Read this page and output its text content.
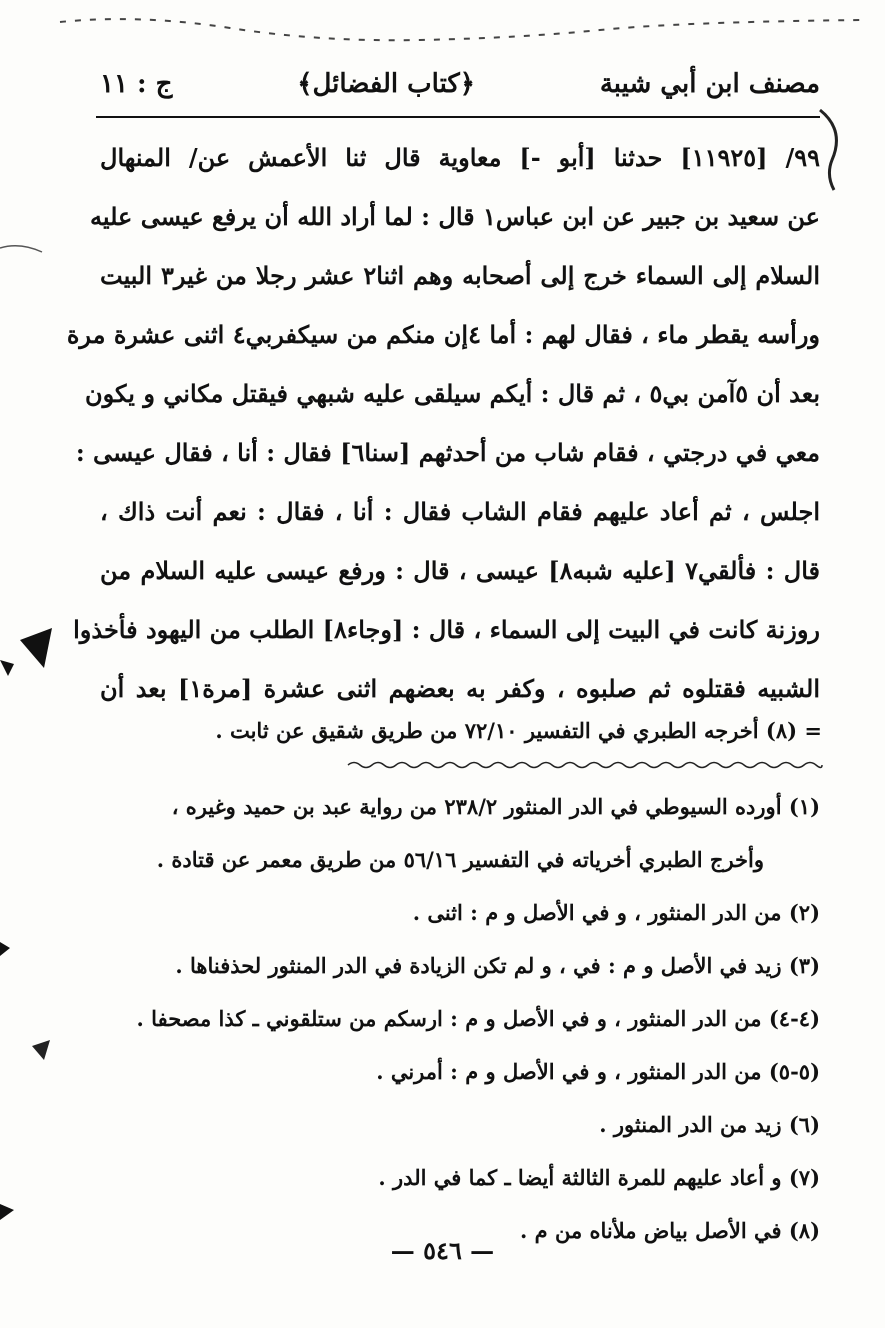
مصنف ابن أبي شيبة
﴿كتاب الفضائل﴾
ج : ١١
٩٩/ [١١٩٢٥] حدثنا [أبو -] معاوية قال ثنا الأعمش عن/ المنهال
عن سعيد بن جبير عن ابن عباس١ قال : لما أراد الله أن يرفع عيسى عليه
السلام إلى السماء خرج إلى أصحابه وهم اثنا٢ عشر رجلا من غير٣ البيت
ورأسه يقطر ماء ، فقال لهم : أما ٤إن منكم من سيكفربي٤ اثنى عشرة مرة
بعد أن ٥آمن بي٥ ، ثم قال : أيكم سيلقى عليه شبهي فيقتل مكاني و يكون
معي في درجتي ، فقام شاب من أحدثهم [سنا٦] فقال : أنا ، فقال عيسى :
اجلس ، ثم أعاد عليهم فقام الشاب فقال : أنا ، فقال : نعم أنت ذاك ،
قال : فألقي٧ [عليه شبه٨] عيسى ، قال : ورفع عيسى عليه السلام من
روزنة كانت في البيت إلى السماء ، قال : [وجاء٨] الطلب من اليهود فأخذوا
الشبيه فقتلوه ثم صلبوه ، وكفر به بعضهم اثنى عشرة [مرة١] بعد أن
= (٨) أخرجه الطبري في التفسير ٧٢/١٠ من طريق شقيق عن ثابت .
(١) أورده السيوطي في الدر المنثور ٢٣٨/٢ من رواية عبد بن حميد وغيره ،
وأخرج الطبري أخرياته في التفسير ٥٦/١٦ من طريق معمر عن قتادة .
(٢) من الدر المنثور ، و في الأصل و م : اثنى .
(٣) زيد في الأصل و م : في ، و لم تكن الزيادة في الدر المنثور لحذفناها .
(٤-٤) من الدر المنثور ، و في الأصل و م : ارسكم من ستلقوني ـ كذا مصحفا .
(٥-٥) من الدر المنثور ، و في الأصل و م : أمرني .
(٦) زيد من الدر المنثور .
(٧) و أعاد عليهم للمرة الثالثة أيضا ـ كما في الدر .
(٨) في الأصل بياض ملأناه من م .
— ٥٤٦ —
